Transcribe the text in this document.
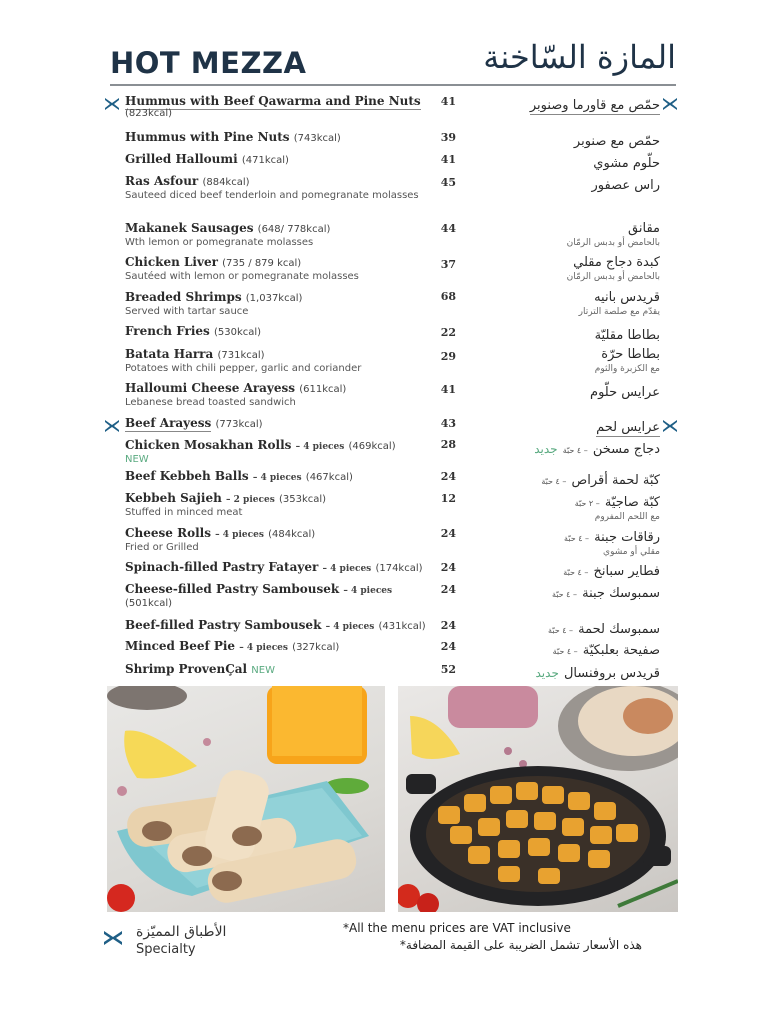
HOT MEZZA	المازة السّاخنة
Hummus with Beef Qawarma and Pine Nuts
(823kcal)
41	حمّص مع قاورما وصنوبر
Hummus with Pine Nuts (743kcal)	39	حمّص مع صنوبر
Grilled Halloumi (471kcal)	41	حلّوم مشوي
Ras Asfour (884kcal)
Sauteed diced beef tenderloin and pomegranate molasses
45	راس عصفور
Makanek Sausages (648/ 778kcal)
Wth lemon or pomegranate molasses
44	مقانق
بالحامض أو بدبس الرمّان
Chicken Liver (735 / 879 kcal)
Sautéed with lemon or pomegranate molasses
37	كبدة دجاج مقلي
بالحامض أو بدبس الرمّان
Breaded Shrimps (1,037kcal)
Served with tartar sauce
68	قريدس بانيه
يقدّم مع صلصة الترتار
French Fries (530kcal)	22	بطاطا مقليّة
Batata Harra (731kcal)
Potatoes with chili pepper, garlic and coriander
29	بطاطا حرّة
مع الكزبرة والثوم
Halloumi Cheese Arayess (611kcal)
Lebanese bread toasted sandwich
41	عرايس حلّوم
Beef Arayess (773kcal)	43	عرايس لحم
Chicken Mosakhan Rolls – 4 pieces (469kcal)
NEW
28	دجاج مسخن – ٤ حبّة جديد
Beef Kebbeh Balls – 4 pieces (467kcal)	24	كبّة لحمة أقراص – ٤ حبّة
Kebbeh Sajieh – 2 pieces (353kcal)
Stuffed in minced meat
12	كبّة صاجيّة – ٢ حبّة
مع اللحم المفروم
Cheese Rolls – 4 pieces (484kcal)
Fried or Grilled
24	رقاقات جبنة – ٤ حبّة
مقلي أو مشوي
Spinach-filled Pastry Fatayer – 4 pieces (174kcal)	24	فطاير سبانخ – ٤ حبّة
Cheese-filled Pastry Sambousek – 4 pieces
(501kcal)
24	سمبوسك جبنة – ٤ حبّة
Beef-filled Pastry Sambousek – 4 pieces (431kcal)	24	سمبوسك لحمة – ٤ حبّة
Minced Beef Pie – 4 pieces (327kcal)	24	صفيحة بعلبكيّة – ٤ حبّة
Shrimp ProvenÇal NEW	52	قريدس بروفنسال جديد
الأطباق المميّزة
Specialty
*All the menu prices are VAT inclusive
هذه الأسعار تشمل الضريبة على القيمة المضافة*
